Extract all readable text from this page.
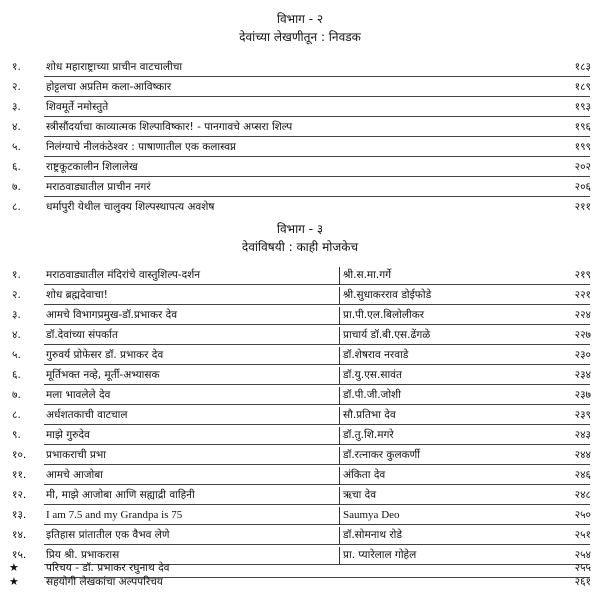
विभाग - २
देवांच्या लेखणीतून : निवडक
१.	शोध महाराष्ट्राच्या प्राचीन वाटचालीचा	१८३
२.	होट्टलचा अप्रतिम कला-आविष्कार	१८९
३.	शिवमूर्ते नमोस्तुते	१९३
४.	स्त्रीसौंदर्याचा काव्यात्मक शिल्पाविष्कार! - पानगावचे अप्सरा शिल्प	१९६
५.	निलंग्याचे नीलकंठेश्वर : पाषाणातील एक कलास्वप्न	१९९
६.	राष्ट्रकूटकालीन शिलालेख	२०२
७.	मराठवाड्यातील प्राचीन नगरं	२०६
८.	धर्मापुरी येथील चालुक्य शिल्पस्थापत्य अवशेष	२११
विभाग - ३
देवांविषयी : काही मोजकेच
१.	मराठवाड्यातील मंदिरांचे वास्तुशिल्प-दर्शन	श्री.स.मा.गर्गे	२१९
२.	शोध ब्रह्मदेवाचा!	श्री.सुधाकरराव डोईफोडे	२२१
३.	आमचे विभागप्रमुख-डॉ.प्रभाकर देव	प्रा.पी.एल.बिलोलीकर	२२४
४.	डॉ.देवांच्या संपर्कात	प्राचार्य डॉ.बी.एस.ढेंगळे	२२७
५.	गुरुवर्य प्रोफेसर डॉ. प्रभाकर देव	डॉ.शेषराव नरवाडे	२३०
६.	मूर्तिभक्त नव्हे, मूर्ती-अभ्यासक	डॉ.यु.एस.सावंत	२३४
७.	मला भावलेले देव	डॉ.पी.जी.जोशी	२३७
८.	अर्धशतकाची वाटचाल	सौ.प्रतिभा देव	२३९
९.	माझे गुरुदेव	डॉ.तु.शि.मगरे	२४३
१०.	प्रभाकराची प्रभा	डॉ.रत्नाकर कुलकर्णी	२४४
११.	आमचे आजोबा	अंकिता देव	२४६
१२.	मी, माझे आजोबा आणि सह्याद्री वाहिनी	ऋचा देव	२४८
१३.	I am 7.5 and my Grandpa is 75	Saumya Deo	२५०
१४.	इतिहास प्रांतातील एक वैभव लेणे	डॉ.सोमनाथ रोडे	२५१
१५.	प्रिय श्री. प्रभाकरास	प्रा. प्यारेलाल गोहेल	२५४
★	परिचय - डॉ. प्रभाकर रघुनाथ देव	२५५
★	सहयोगी लेखकांचा अल्पपरिचय	२६१
